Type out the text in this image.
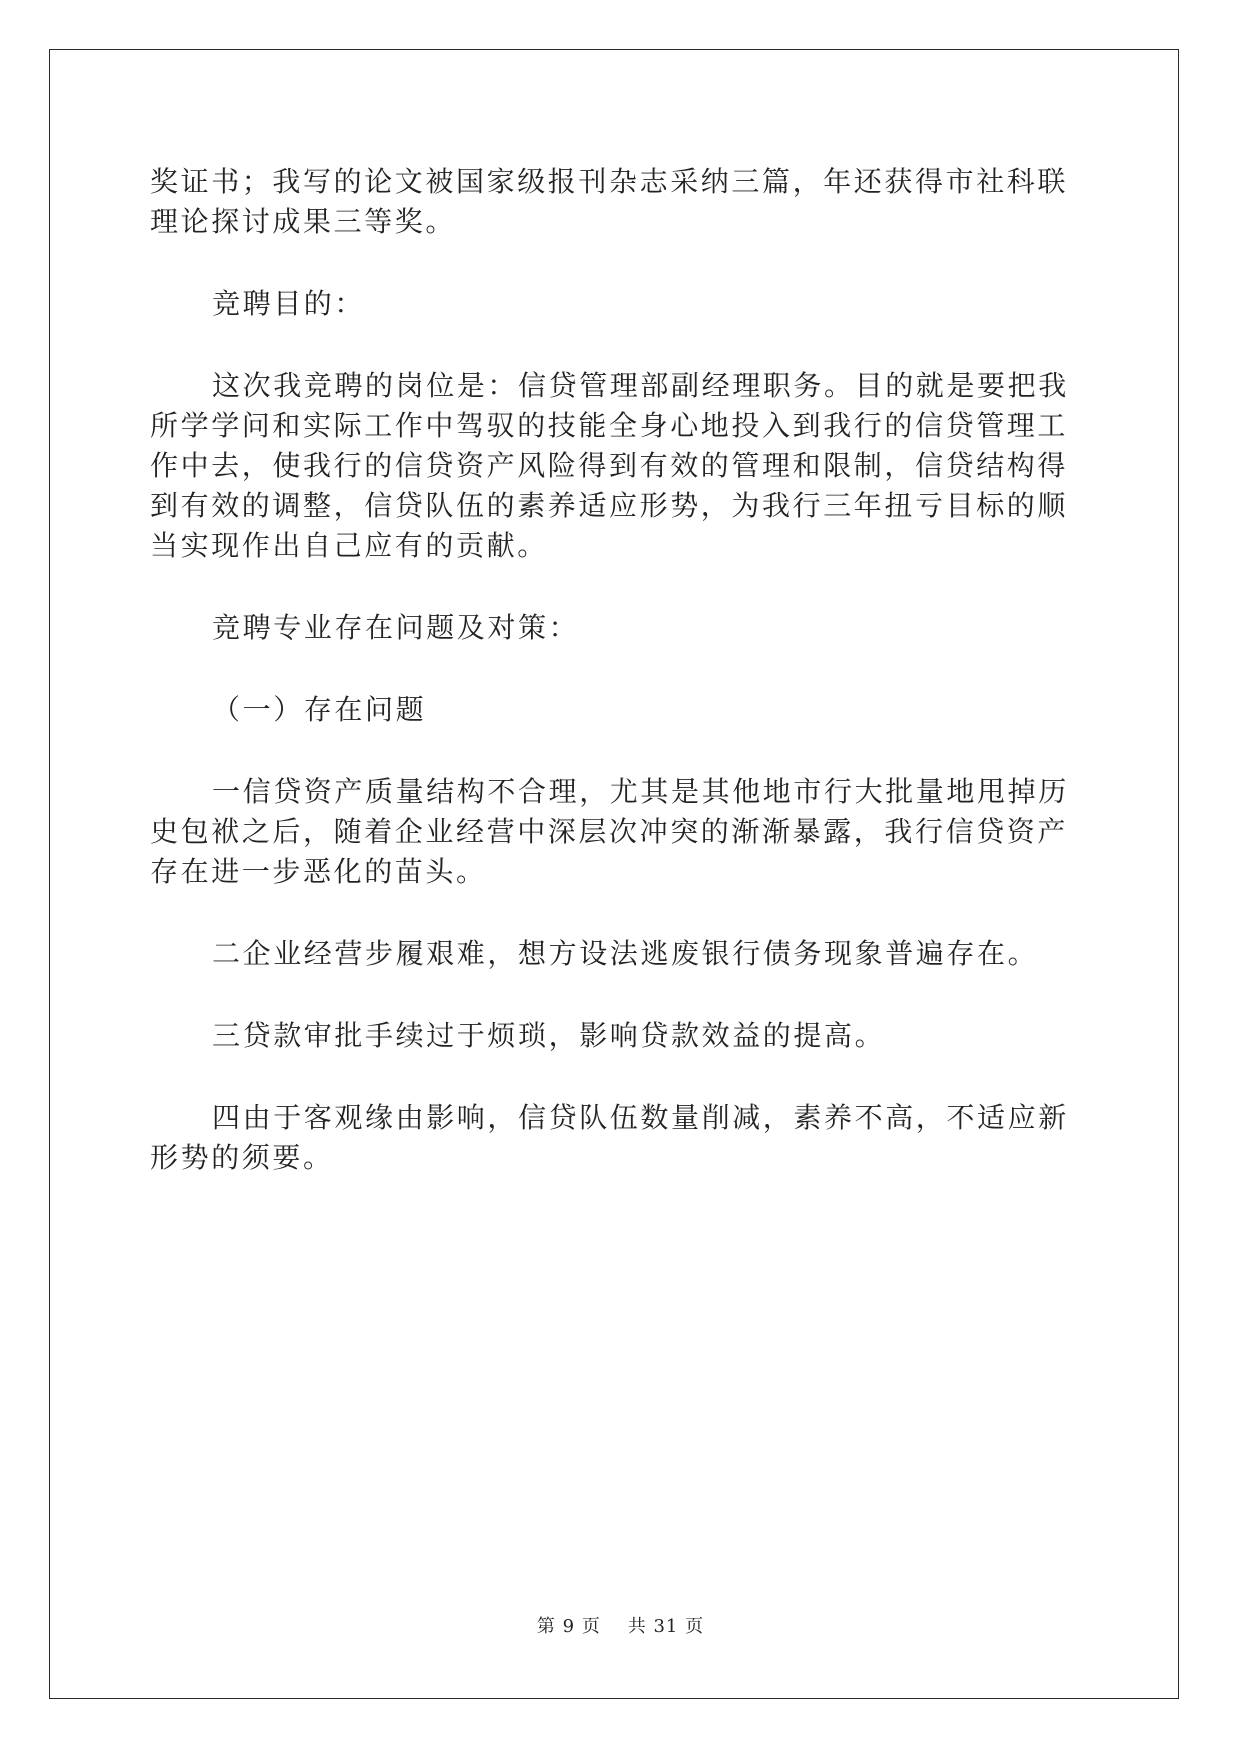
奖证书；我写的论文被国家级报刊杂志采纳三篇，年还获得市社科联理论探讨成果三等奖。

竞聘目的：

这次我竞聘的岗位是：信贷管理部副经理职务。目的就是要把我所学学问和实际工作中驾驭的技能全身心地投入到我行的信贷管理工作中去，使我行的信贷资产风险得到有效的管理和限制，信贷结构得到有效的调整，信贷队伍的素养适应形势，为我行三年扭亏目标的顺当实现作出自己应有的贡献。

竞聘专业存在问题及对策：

（一）存在问题

一信贷资产质量结构不合理，尤其是其他地市行大批量地甩掉历史包袱之后，随着企业经营中深层次冲突的渐渐暴露，我行信贷资产存在进一步恶化的苗头。

二企业经营步履艰难，想方设法逃废银行债务现象普遍存在。

三贷款审批手续过于烦琐，影响贷款效益的提高。

四由于客观缘由影响，信贷队伍数量削减，素养不高，不适应新形势的须要。

第 9 页 共 31 页
